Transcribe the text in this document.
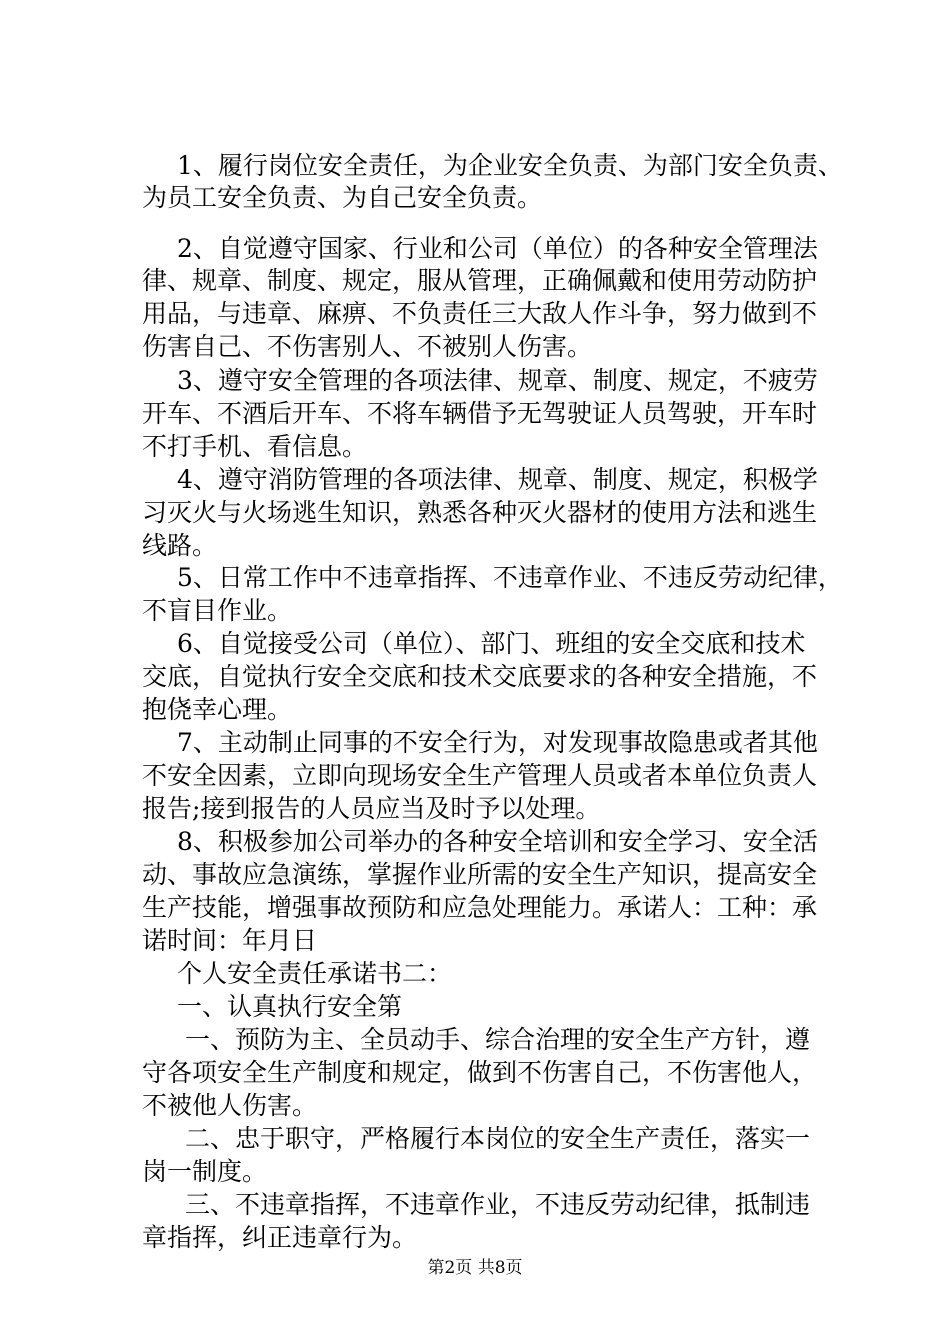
1、履行岗位安全责任，为企业安全负责、为部门安全负责、
为员工安全负责、为自己安全负责。
2、自觉遵守国家、行业和公司（单位）的各种安全管理法
律、规章、制度、规定，服从管理，正确佩戴和使用劳动防护
用品，与违章、麻痹、不负责任三大敌人作斗争，努力做到不
伤害自己、不伤害别人、不被别人伤害。
3、遵守安全管理的各项法律、规章、制度、规定，不疲劳
开车、不酒后开车、不将车辆借予无驾驶证人员驾驶，开车时
不打手机、看信息。
4、遵守消防管理的各项法律、规章、制度、规定，积极学
习灭火与火场逃生知识，熟悉各种灭火器材的使用方法和逃生
线路。
5、日常工作中不违章指挥、不违章作业、不违反劳动纪律，
不盲目作业。
6、自觉接受公司（单位）、部门、班组的安全交底和技术
交底，自觉执行安全交底和技术交底要求的各种安全措施，不
抱侥幸心理。
7、主动制止同事的不安全行为，对发现事故隐患或者其他
不安全因素，立即向现场安全生产管理人员或者本单位负责人
报告;接到报告的人员应当及时予以处理。
8、积极参加公司举办的各种安全培训和安全学习、安全活
动、事故应急演练，掌握作业所需的安全生产知识，提高安全
生产技能，增强事故预防和应急处理能力。承诺人：工种：承
诺时间：年月日
个人安全责任承诺书二：
一、认真执行安全第
一、预防为主、全员动手、综合治理的安全生产方针，遵
守各项安全生产制度和规定，做到不伤害自己，不伤害他人，
不被他人伤害。
二、忠于职守，严格履行本岗位的安全生产责任，落实一
岗一制度。
三、不违章指挥，不违章作业，不违反劳动纪律，抵制违
章指挥，纠正违章行为。
第2页 共8页
